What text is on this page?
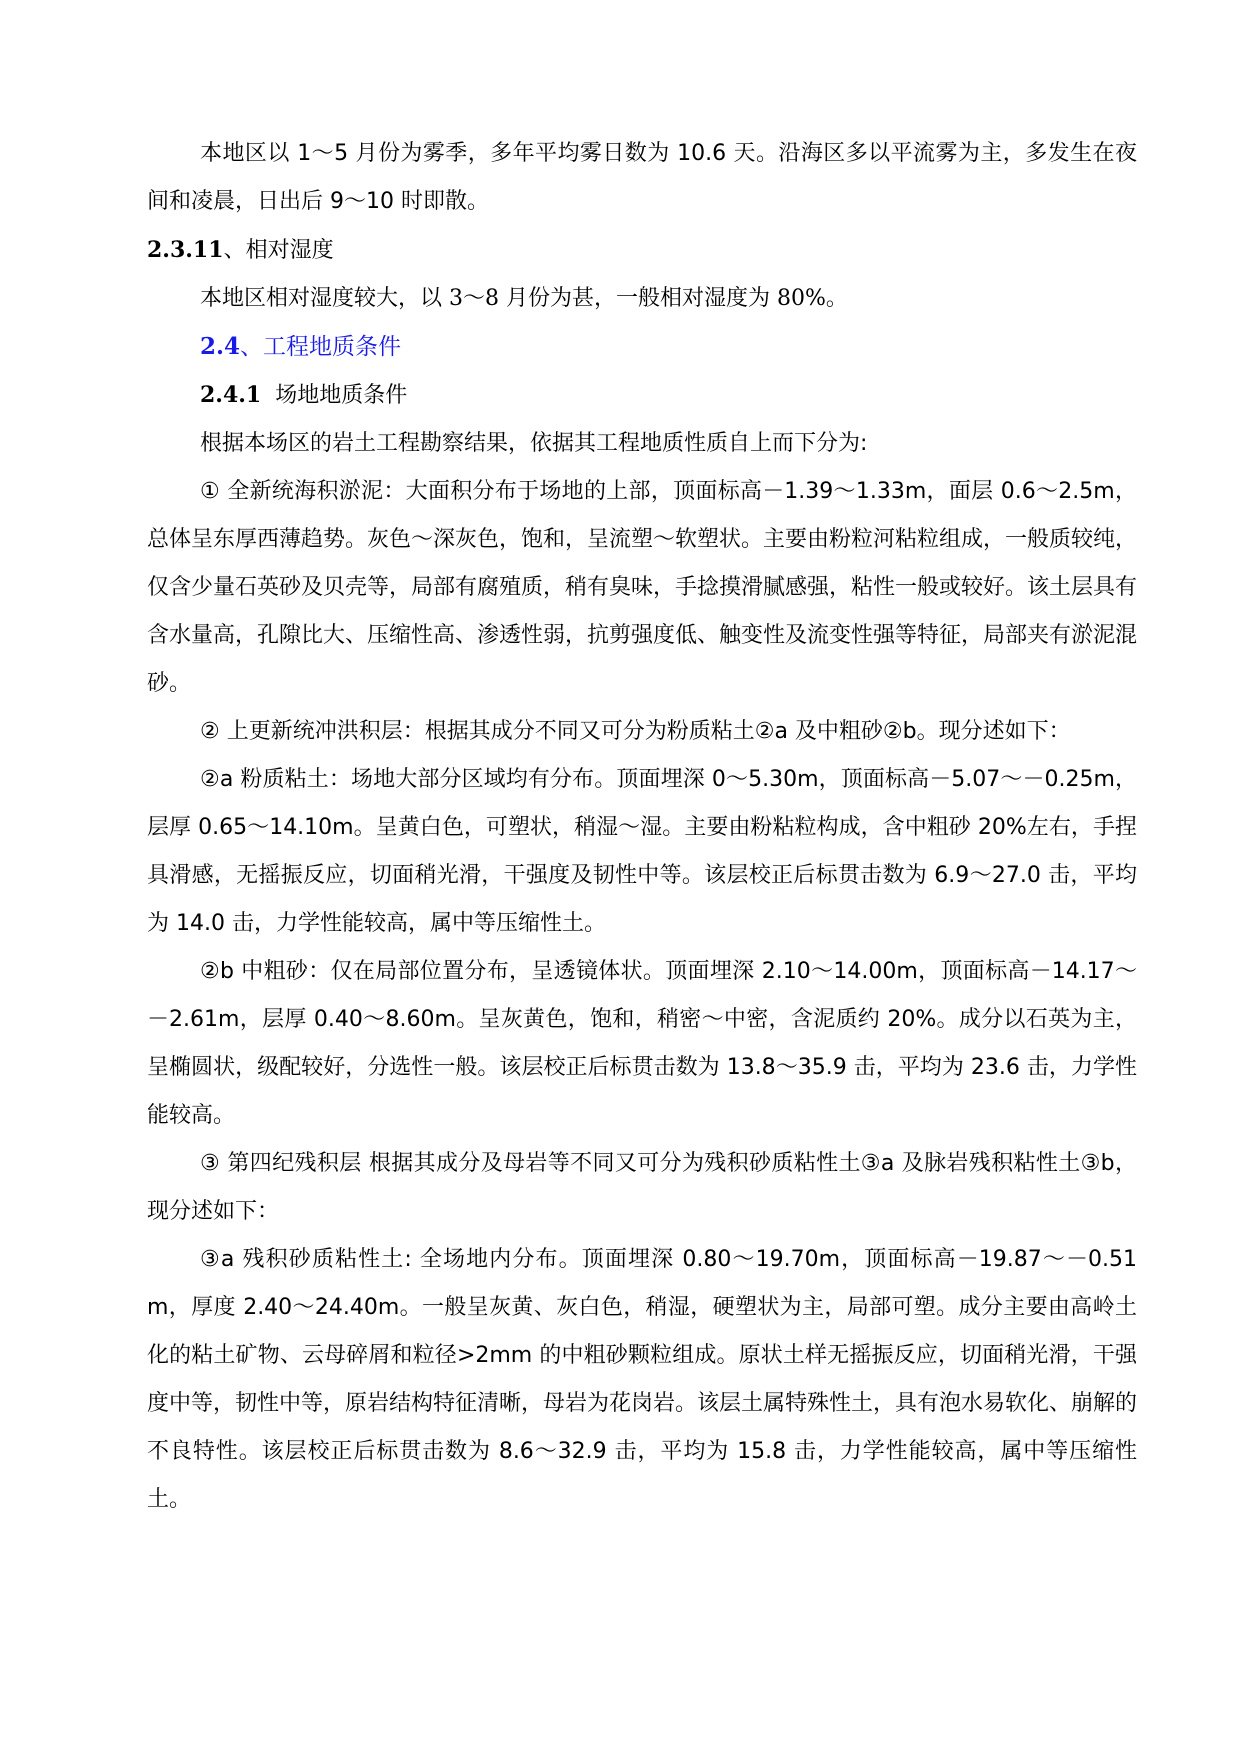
本地区以 1～5 月份为雾季，多年平均雾日数为 10.6 天。沿海区多以平流雾为主，多发生在夜间和凌晨，日出后 9～10 时即散。

2.3.11、相对湿度

本地区相对湿度较大，以 3～8 月份为甚，一般相对湿度为 80%。

2.4、工程地质条件

2.4.1  场地地质条件

根据本场区的岩土工程勘察结果，依据其工程地质性质自上而下分为:

① 全新统海积淤泥：大面积分布于场地的上部，顶面标高－1.39～1.33m，面层 0.6～2.5m，总体呈东厚西薄趋势。灰色～深灰色，饱和，呈流塑～软塑状。主要由粉粒河粘粒组成，一般质较纯，仅含少量石英砂及贝壳等，局部有腐殖质，稍有臭味，手捻摸滑腻感强，粘性一般或较好。该土层具有含水量高，孔隙比大、压缩性高、渗透性弱，抗剪强度低、触变性及流变性强等特征，局部夹有淤泥混砂。

② 上更新统冲洪积层：根据其成分不同又可分为粉质粘土②a 及中粗砂②b。现分述如下：

②a 粉质粘土：场地大部分区域均有分布。顶面埋深 0～5.30m，顶面标高－5.07～－0.25m，层厚 0.65～14.10m。呈黄白色，可塑状，稍湿～湿。主要由粉粘粒构成，含中粗砂 20%左右，手捏具滑感，无摇振反应，切面稍光滑，干强度及韧性中等。该层校正后标贯击数为 6.9～27.0 击，平均为 14.0 击，力学性能较高，属中等压缩性土。

②b 中粗砂：仅在局部位置分布，呈透镜体状。顶面埋深 2.10～14.00m，顶面标高－14.17～－2.61m，层厚 0.40～8.60m。呈灰黄色，饱和，稍密～中密，含泥质约 20%。成分以石英为主，呈椭圆状，级配较好，分选性一般。该层校正后标贯击数为 13.8～35.9 击，平均为 23.6 击，力学性能较高。

③ 第四纪残积层 根据其成分及母岩等不同又可分为残积砂质粘性土③a 及脉岩残积粘性土③b，现分述如下：

③a 残积砂质粘性土: 全场地内分布。顶面埋深 0.80～19.70m，顶面标高－19.87～－0.51m，厚度 2.40～24.40m。一般呈灰黄、灰白色，稍湿，硬塑状为主，局部可塑。成分主要由高岭土化的粘土矿物、云母碎屑和粒径>2mm 的中粗砂颗粒组成。原状土样无摇振反应，切面稍光滑，干强度中等，韧性中等，原岩结构特征清晰，母岩为花岗岩。该层土属特殊性土，具有泡水易软化、崩解的不良特性。该层校正后标贯击数为 8.6～32.9 击，平均为 15.8 击，力学性能较高，属中等压缩性土。
